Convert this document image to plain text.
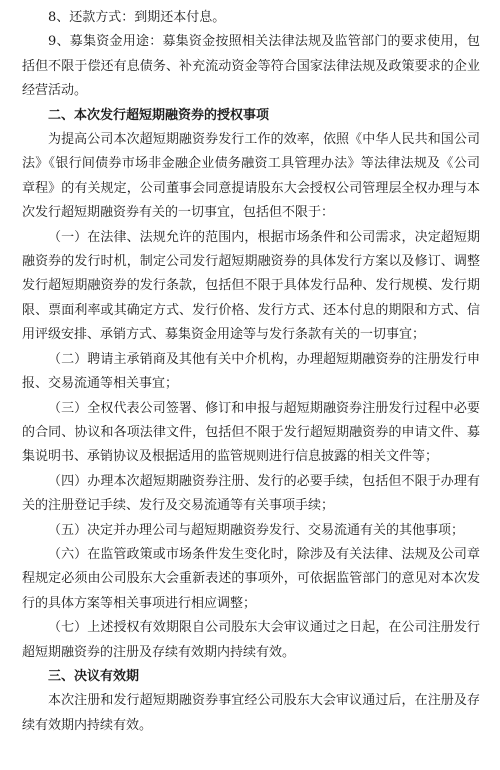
8、还款方式：到期还本付息。

9、募集资金用途：募集资金按照相关法律法规及监管部门的要求使用，包括但不限于偿还有息债务、补充流动资金等符合国家法律法规及政策要求的企业经营活动。

二、本次发行超短期融资券的授权事项

为提高公司本次超短期融资券发行工作的效率，依照《中华人民共和国公司法》《银行间债券市场非金融企业债务融资工具管理办法》等法律法规及《公司章程》的有关规定，公司董事会同意提请股东大会授权公司管理层全权办理与本次发行超短期融资券有关的一切事宜，包括但不限于：

（一）在法律、法规允许的范围内，根据市场条件和公司需求，决定超短期融资券的发行时机，制定公司发行超短期融资券的具体发行方案以及修订、调整发行超短期融资券的发行条款，包括但不限于具体发行品种、发行规模、发行期限、票面利率或其确定方式、发行价格、发行方式、还本付息的期限和方式、信用评级安排、承销方式、募集资金用途等与发行条款有关的一切事宜；

（二）聘请主承销商及其他有关中介机构，办理超短期融资券的注册发行申报、交易流通等相关事宜；

（三）全权代表公司签署、修订和申报与超短期融资券注册发行过程中必要的合同、协议和各项法律文件，包括但不限于发行超短期融资券的申请文件、募集说明书、承销协议及根据适用的监管规则进行信息披露的相关文件等；

（四）办理本次超短期融资券注册、发行的必要手续，包括但不限于办理有关的注册登记手续、发行及交易流通等有关事项手续；

（五）决定并办理公司与超短期融资券发行、交易流通有关的其他事项；

（六）在监管政策或市场条件发生变化时，除涉及有关法律、法规及公司章程规定必须由公司股东大会重新表述的事项外，可依据监管部门的意见对本次发行的具体方案等相关事项进行相应调整；

（七）上述授权有效期限自公司股东大会审议通过之日起，在公司注册发行超短期融资券的注册及存续有效期内持续有效。

三、决议有效期

本次注册和发行超短期融资券事宜经公司股东大会审议通过后，在注册及存续有效期内持续有效。
